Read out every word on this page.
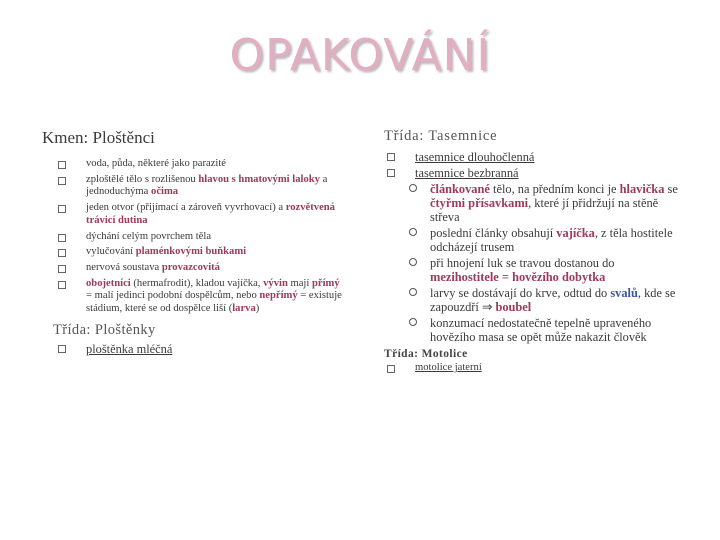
OPAKOVÁNÍ
Kmen: Ploštěnci
voda, půda, některé jako parazité
zploštělé tělo s rozlišenou hlavou s hmatovými laloky a jednoduchýma očima
jeden otvor (přijímací a zároveň vyvrhovací) a rozvětvená trávicí dutina
dýchání celým povrchem těla
vylučování plaménkovými buňkami
nervová soustava provazcovitá
obojetníci (hermafrodit), kladou vajíčka, vývin mají přímý = malí jedinci podobní dospělcům, nebo nepřímý = existuje stádium, které se od dospělce liší (larva)
Třída: Ploštěnky
ploštěnka mléčná
Třída: Tasemnice
tasemnice dlouhočlenná
tasemnice bezbranná
článkované tělo, na předním konci je hlavička se čtyřmi přísavkami, které jí přidržují na stěně střeva
poslední články obsahují vajíčka, z těla hostitele odcházejí trusem
při hnojení luk se travou dostanou do mezihostitele = hovězího dobytka
larvy se dostávají do krve, odtud do svalů, kde se zapouzdří ⇒ boubel
konzumací nedostatečně tepelně upraveného hovězího masa se opět může nakazit člověk
Třída: Motolice
motolice jaterní
